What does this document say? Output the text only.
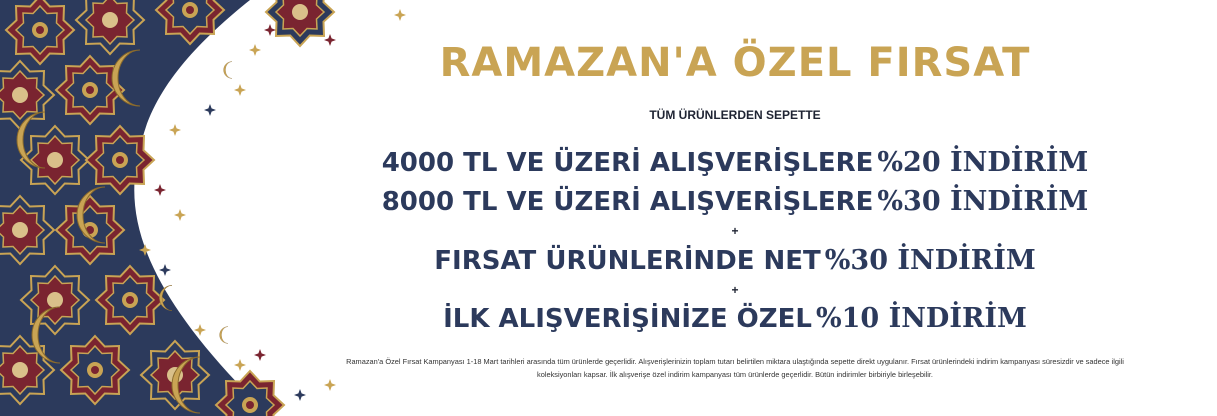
RAMAZAN'A ÖZEL FIRSAT
TÜM ÜRÜNLERDEN SEPETTE
4000 TL VE ÜZERİ ALIŞVERİŞLERE %20 İNDİRİM
8000 TL VE ÜZERİ ALIŞVERİŞLERE %30 İNDİRİM
+
FIRSAT ÜRÜNLERİNDE NET %30 İNDİRİM
+
İLK ALIŞVERİŞİNİZE ÖZEL %10 İNDİRİM
Ramazan'a Özel Fırsat Kampanyası 1-18 Mart tarihleri arasında tüm ürünlerde geçerlidir. Alışverişlerinizin toplam tutarı belirtilen miktara ulaştığında sepette direkt uygulanır. Fırsat ürünlerindeki indirim kampanyası süresizdir ve sadece ilgili koleksiyonları kapsar. İlk alışverişe özel indirim kampanyası tüm ürünlerde geçerlidir. Bütün indirimler birbiriyle birleşebilir.
